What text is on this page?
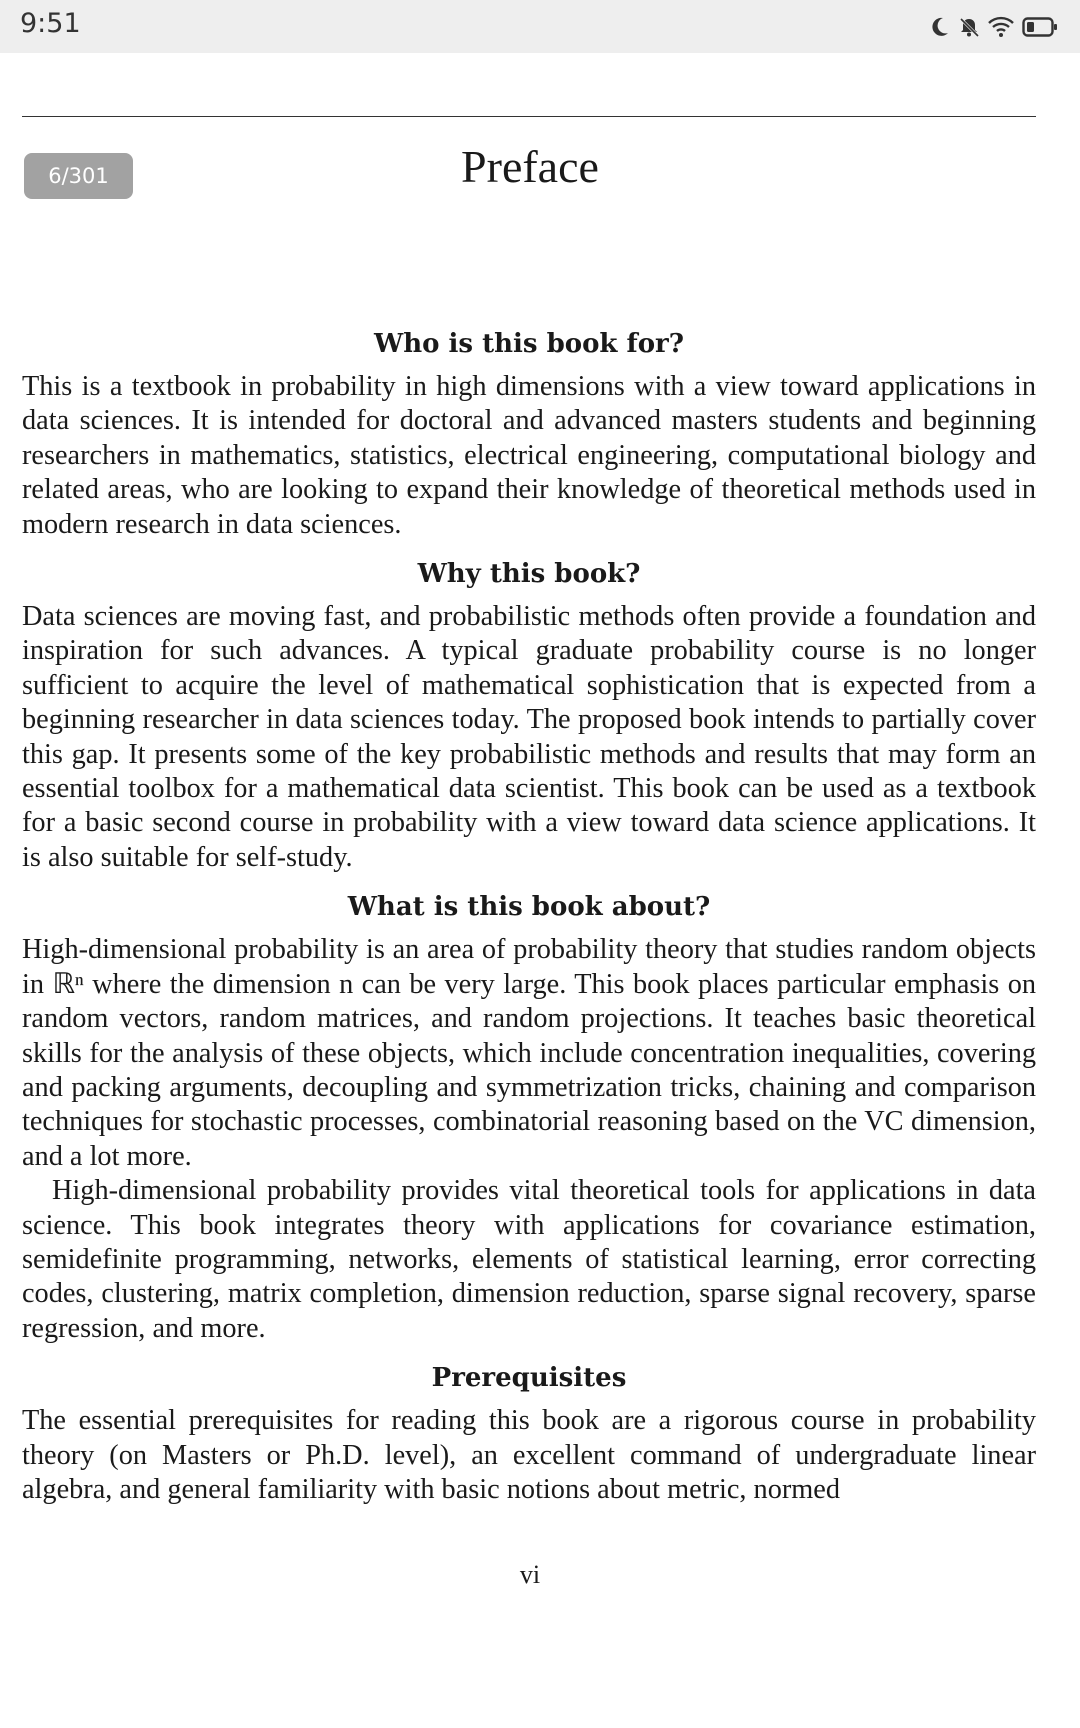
9:51
6/301	Preface
Who is this book for?

This is a textbook in probability in high dimensions with a view toward applications in data sciences. It is intended for doctoral and advanced masters students and beginning researchers in mathematics, statistics, electrical engineering, computational biology and related areas, who are looking to expand their knowledge of theoretical methods used in modern research in data sciences.

Why this book?

Data sciences are moving fast, and probabilistic methods often provide a foundation and inspiration for such advances. A typical graduate probability course is no longer sufficient to acquire the level of mathematical sophistication that is expected from a beginning researcher in data sciences today. The proposed book intends to partially cover this gap. It presents some of the key probabilistic methods and results that may form an essential toolbox for a mathematical data scientist. This book can be used as a textbook for a basic second course in probability with a view toward data science applications. It is also suitable for self-study.

What is this book about?

High-dimensional probability is an area of probability theory that studies random objects in ℝⁿ where the dimension n can be very large. This book places particular emphasis on random vectors, random matrices, and random projections. It teaches basic theoretical skills for the analysis of these objects, which include concentration inequalities, covering and packing arguments, decoupling and symmetrization tricks, chaining and comparison techniques for stochastic processes, combinatorial reasoning based on the VC dimension, and a lot more.

High-dimensional probability provides vital theoretical tools for applications in data science. This book integrates theory with applications for covariance estimation, semidefinite programming, networks, elements of statistical learning, error correcting codes, clustering, matrix completion, dimension reduction, sparse signal recovery, sparse regression, and more.

Prerequisites

The essential prerequisites for reading this book are a rigorous course in probability theory (on Masters or Ph.D. level), an excellent command of undergraduate linear algebra, and general familiarity with basic notions about metric, normed

vi
